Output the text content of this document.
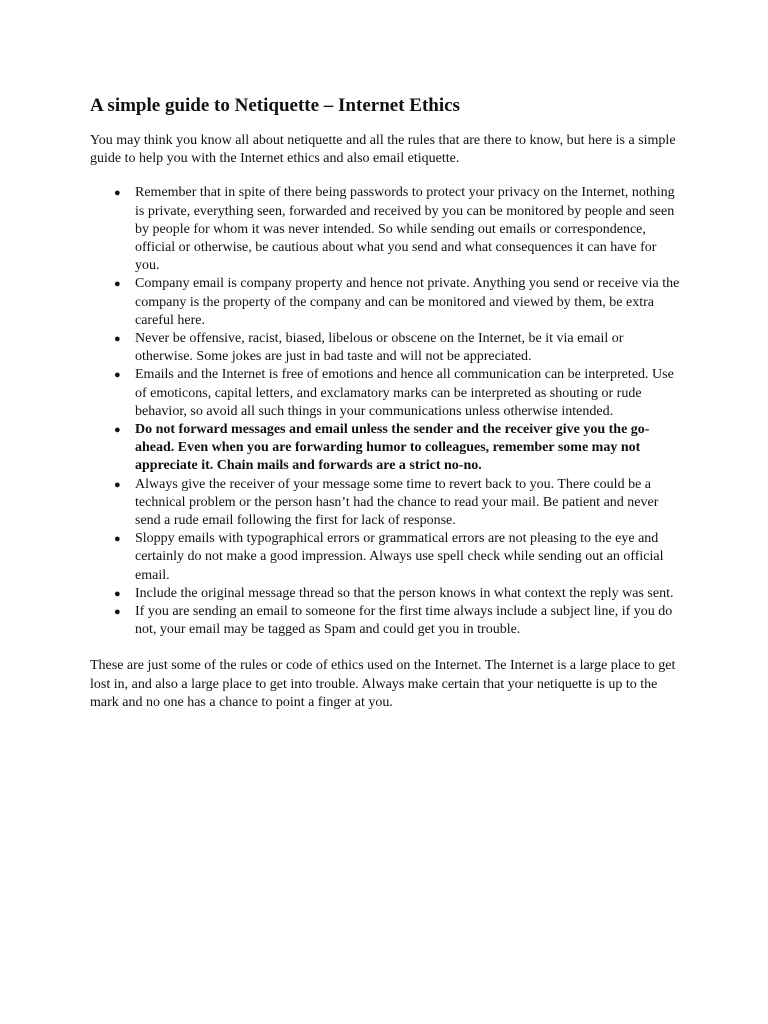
A simple guide to Netiquette – Internet Ethics

You may think you know all about netiquette and all the rules that are there to know, but here is a simple guide to help you with the Internet ethics and also email etiquette.

● Remember that in spite of there being passwords to protect your privacy on the Internet, nothing is private, everything seen, forwarded and received by you can be monitored by people and seen by people for whom it was never intended. So while sending out emails or correspondence, official or otherwise, be cautious about what you send and what consequences it can have for you.
● Company email is company property and hence not private. Anything you send or receive via the company is the property of the company and can be monitored and viewed by them, be extra careful here.
● Never be offensive, racist, biased, libelous or obscene on the Internet, be it via email or otherwise. Some jokes are just in bad taste and will not be appreciated.
● Emails and the Internet is free of emotions and hence all communication can be interpreted. Use of emoticons, capital letters, and exclamatory marks can be interpreted as shouting or rude behavior, so avoid all such things in your communications unless otherwise intended.
● Do not forward messages and email unless the sender and the receiver give you the go-ahead. Even when you are forwarding humor to colleagues, remember some may not appreciate it. Chain mails and forwards are a strict no-no.
● Always give the receiver of your message some time to revert back to you. There could be a technical problem or the person hasn’t had the chance to read your mail. Be patient and never send a rude email following the first for lack of response.
● Sloppy emails with typographical errors or grammatical errors are not pleasing to the eye and certainly do not make a good impression. Always use spell check while sending out an official email.
● Include the original message thread so that the person knows in what context the reply was sent.
● If you are sending an email to someone for the first time always include a subject line, if you do not, your email may be tagged as Spam and could get you in trouble.

These are just some of the rules or code of ethics used on the Internet. The Internet is a large place to get lost in, and also a large place to get into trouble. Always make certain that your netiquette is up to the mark and no one has a chance to point a finger at you.
